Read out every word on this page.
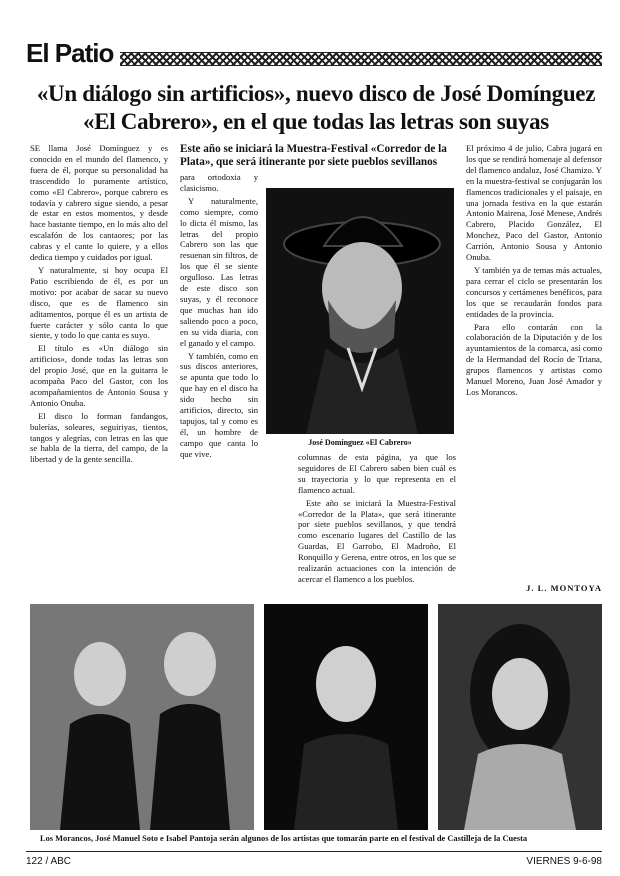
El Patio
«Un diálogo sin artificios», nuevo disco de José Domínguez
«El Cabrero», en el que todas las letras son suyas

SE llama José Domínguez y es conocido en el mundo del flamenco, y fuera de él, porque su personalidad ha trascendido lo puramente artístico, como «El Cabrero», porque cabrero es todavía y cabrero sigue siendo, a pesar de estar en estos momentos, y desde hace bastante tiempo, en lo más alto del escalafón de los cantaores; por las cabras y el cante lo quiere, y a ellos dedica tiempo y cuidados por igual.

Y naturalmente, si hoy ocupa El Patio escribiendo de él, es por un motivo: por acabar de sacar su nuevo disco, que es de flamenco sin aditamentos, porque él es un artista de fuerte carácter y sólo canta lo que siente, y todo lo que canta es suyo.

El título es «Un diálogo sin artificios», donde todas las letras son del propio José, que en la guitarra le acompaña Paco del Gastor, con los acompañamientos de Antonio Sousa y Antonio Onuba.

El disco lo forman fandangos, bulerías, soleares, seguiriyas, tientos, tangos y alegrías, con letras en las que se habla de la tierra, del campo, de la libertad y de la gente sencilla.

Este año se iniciará la Muestra-Festival «Corredor de la Plata», que será itinerante por siete pueblos sevillanos

para ortodoxia y clasicismo.

Y naturalmente, como siempre, como lo dicta él mismo, las letras del propio Cabrero son las que resuenan sin filtros, de los que él se siente orgulloso. Las letras de este disco son suyas, y él reconoce que muchas han ido saliendo poco a poco, en su vida diaria, con el ganado y el campo.

Y también, como en sus discos anteriores, se apunta que todo lo que hay en el disco ha sido hecho sin artificios, directo, sin tapujos, tal y como es él, un hombre de campo que canta lo que vive.

José Domínguez «El Cabrero»

columnas de esta página, ya que los seguidores de El Cabrero saben bien cuál es su trayectoria y lo que representa en el flamenco actual.

Este año se iniciará la Muestra-Festival «Corredor de la Plata», que será itinerante por siete pueblos sevillanos, y que tendrá como escenario lugares del Castillo de las Guardas, El Garrobo, El Madroño, El Ronquillo y Gerena, entre otros, en los que se realizarán actuaciones con la intención de acercar el flamenco a los pueblos.

El próximo 4 de julio, Cabra jugará en los que se rendirá homenaje al defensor del flamenco andaluz, José Chamizo. Y en la muestra-festival se conjugarán los flamencos tradicionales y el paisaje, en una jornada festiva en la que estarán Antonio Mairena, José Menese, Andrés Cabrero, Placido González, El Monchez, Paco del Gastor, Antonio Carrión, Antonio Sousa y Antonio Onuba.

Y también ya de temas más actuales, para cerrar el ciclo se presentarán los concursos y certámenes benéficos, para los que se recaudarán fondos para entidades de la provincia.

Para ello contarán con la colaboración de la Diputación y de los ayuntamientos de la comarca, así como de la Hermandad del Rocío de Triana, grupos flamencos y artistas como Manuel Moreno, Juan José Amador y Los Morancos.

J. L. MONTOYA
Los Morancos, José Manuel Soto e Isabel Pantoja serán algunos de los artistas que tomarán parte en el festival de Castilleja de la Cuesta
122 / ABC	VIERNES 9-6-98
